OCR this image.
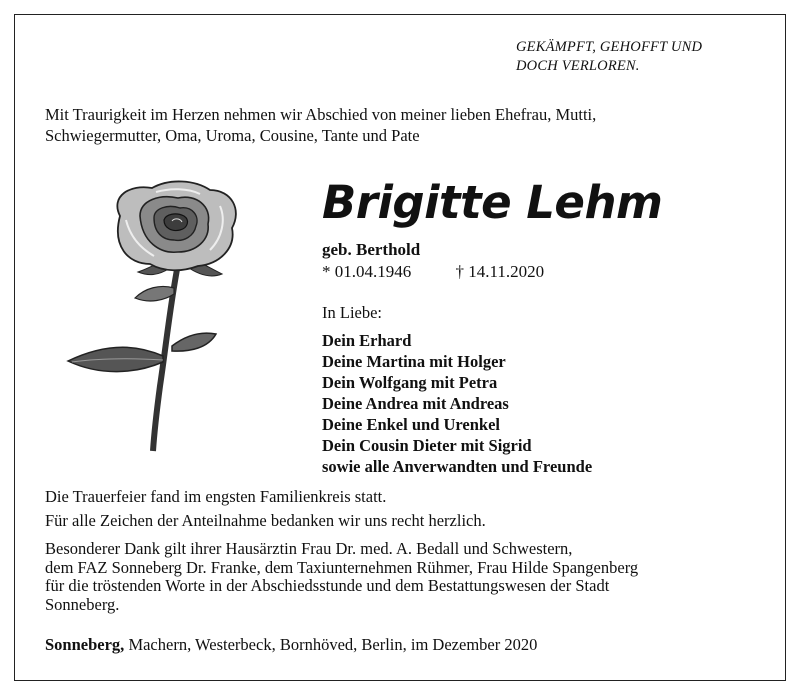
GEKÄMPFT, GEHOFFT UND
DOCH VERLOREN.
Mit Traurigkeit im Herzen nehmen wir Abschied von meiner lieben Ehefrau, Mutti,
Schwiegermutter, Oma, Uroma, Cousine, Tante und Pate
Brigitte Lehm
geb. Berthold
* 01.04.1946	† 14.11.2020
In Liebe:
Dein Erhard
Deine Martina mit Holger
Dein Wolfgang mit Petra
Deine Andrea mit Andreas
Deine Enkel und Urenkel
Dein Cousin Dieter mit Sigrid
sowie alle Anverwandten und Freunde
Die Trauerfeier fand im engsten Familienkreis statt.
Für alle Zeichen der Anteilnahme bedanken wir uns recht herzlich.
Besonderer Dank gilt ihrer Hausärztin Frau Dr. med. A. Bedall und Schwestern,
dem FAZ Sonneberg Dr. Franke, dem Taxiunternehmen Rühmer, Frau Hilde Spangenberg
für die tröstenden Worte in der Abschiedsstunde und dem Bestattungswesen der Stadt
Sonneberg.
Sonneberg, Machern, Westerbeck, Bornhöved, Berlin, im Dezember 2020
